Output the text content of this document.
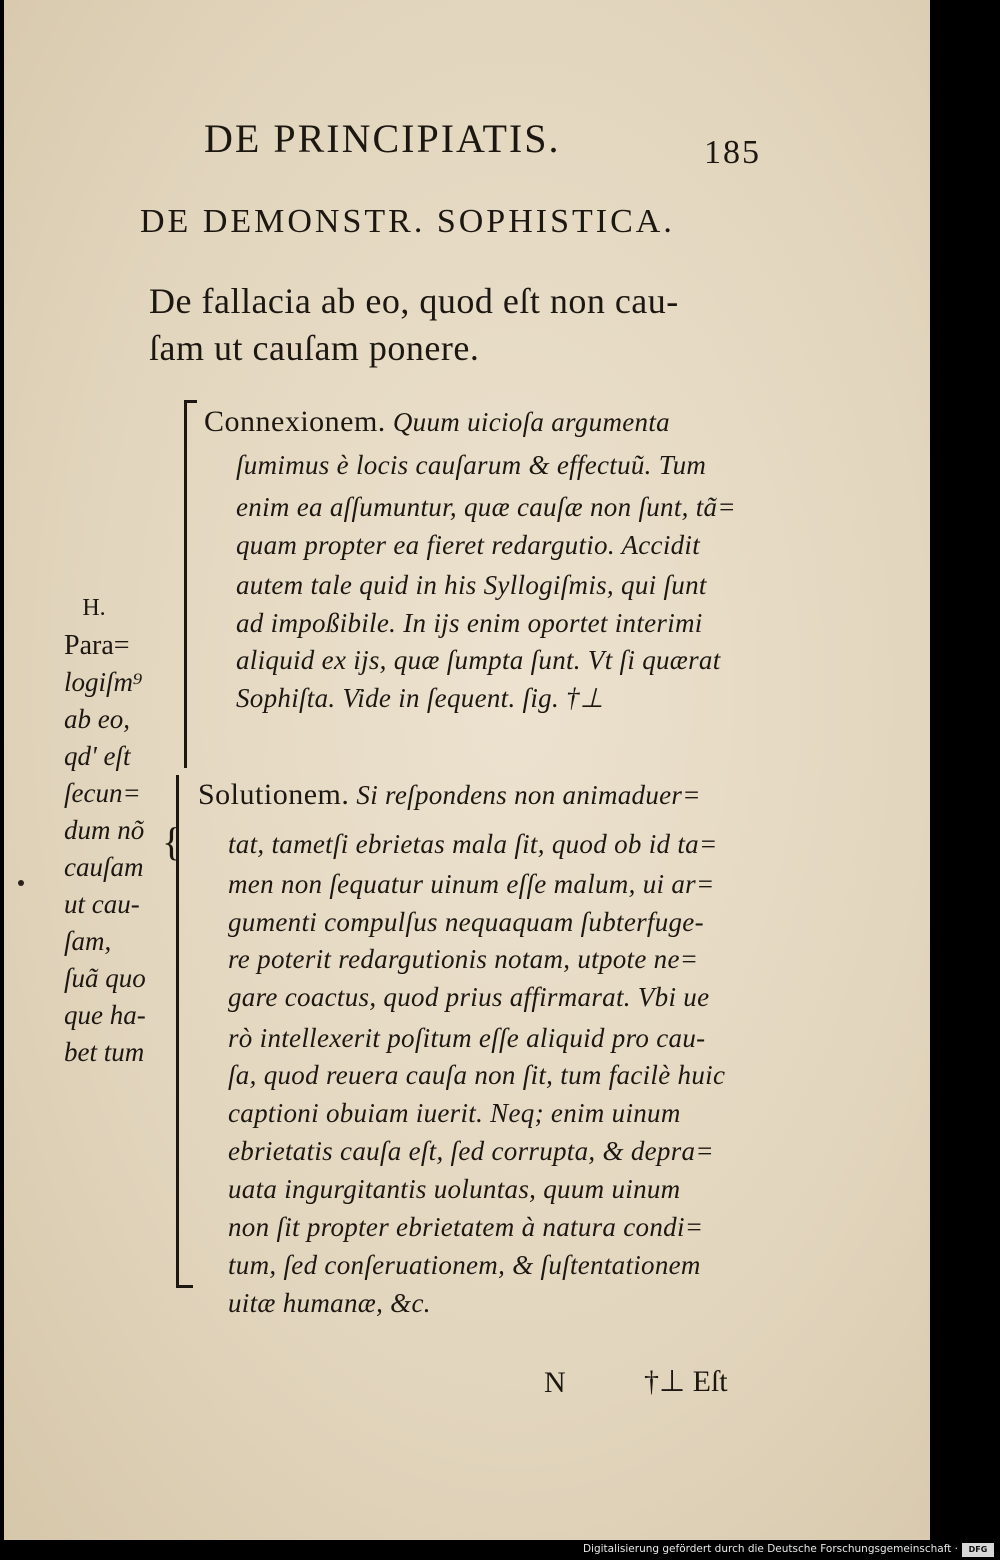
DE PRINCIPIATIS.	185
DE DEMONSTR. SOPHISTICA.
De fallacia ab eo, quod eſt non cau-
ſam ut cauſam ponere.
H.
Para=
logiſm⁹
ab eo,
qd' eſt
ſecun=
dum nõ
cauſam
ut cau-
ſam,
ſuã quo
que ha-
bet tum
{
Connexionem. Quum uicioſa argumenta
ſumimus è locis cauſarum & effectuũ. Tum
enim ea aſſumuntur, quæ cauſæ non ſunt, tã=
quam propter ea fieret redargutio. Accidit
autem tale quid in his Syllogiſmis, qui ſunt
ad impoßibile. In ijs enim oportet interimi
aliquid ex ijs, quæ ſumpta ſunt. Vt ſi quærat
Sophiſta. Vide in ſequent. ſig. †⊥
Solutionem. Si reſpondens non animaduer=
tat, tametſi ebrietas mala ſit, quod ob id ta=
men non ſequatur uinum eſſe malum, ui ar=
gumenti compulſus nequaquam ſubterfuge-
re poterit redargutionis notam, utpote ne=
gare coactus, quod prius affirmarat. Vbi ue
rò intellexerit poſitum eſſe aliquid pro cau-
ſa, quod reuera cauſa non ſit, tum facilè huic
captioni obuiam iuerit. Neq; enim uinum
ebrietatis cauſa eſt, ſed corrupta, & depra=
uata ingurgitantis uoluntas, quum uinum
non ſit propter ebrietatem à natura condi=
tum, ſed conſeruationem, & ſuſtentationem
uitæ humanæ, &c.
N	†⊥ Eſt
Digitalisierung gefördert durch die Deutsche Forschungsgemeinschaft ·	DFG
